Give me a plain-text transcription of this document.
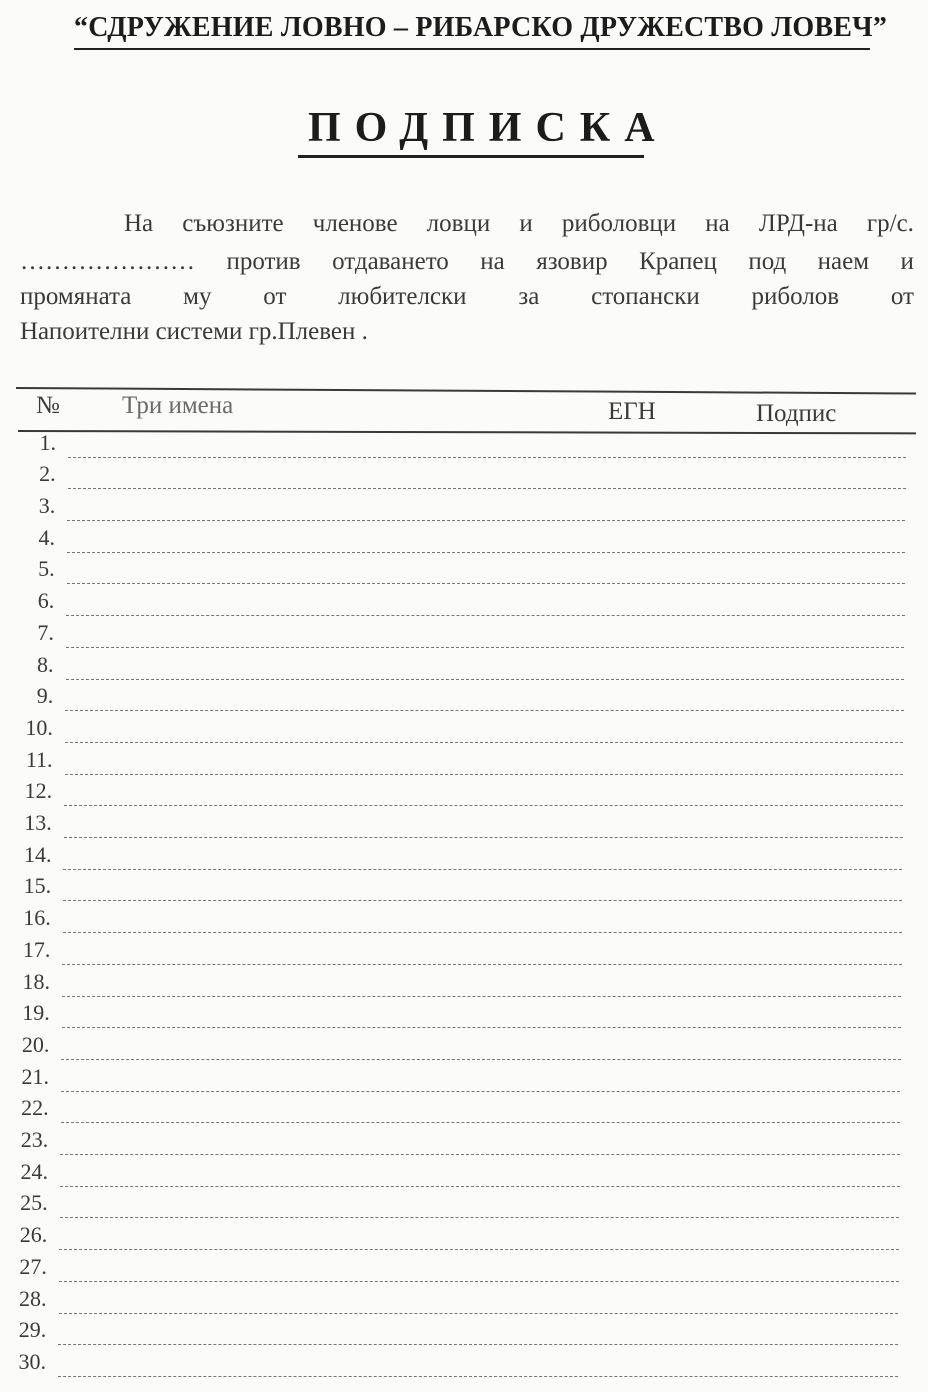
“СДРУЖЕНИЕ ЛОВНО – РИБАРСКО ДРУЖЕСТВО ЛОВЕЧ”
ПОДПИСКА
На съюзните членове ловци и риболовци на ЛРД-на гр/с.
………………… против отдаването на язовир Крапец под наем и
промяната му от любителски за стопански риболов от
Напоителни системи гр.Плевен .
№ Три имена	ЕГН	Подпис
1.
2.
3.
4.
5.
6.
7.
8.
9.
10.
11.
12.
13.
14.
15.
16.
17.
18.
19.
20.
21.
22.
23.
24.
25.
26.
27.
28.
29.
30.
